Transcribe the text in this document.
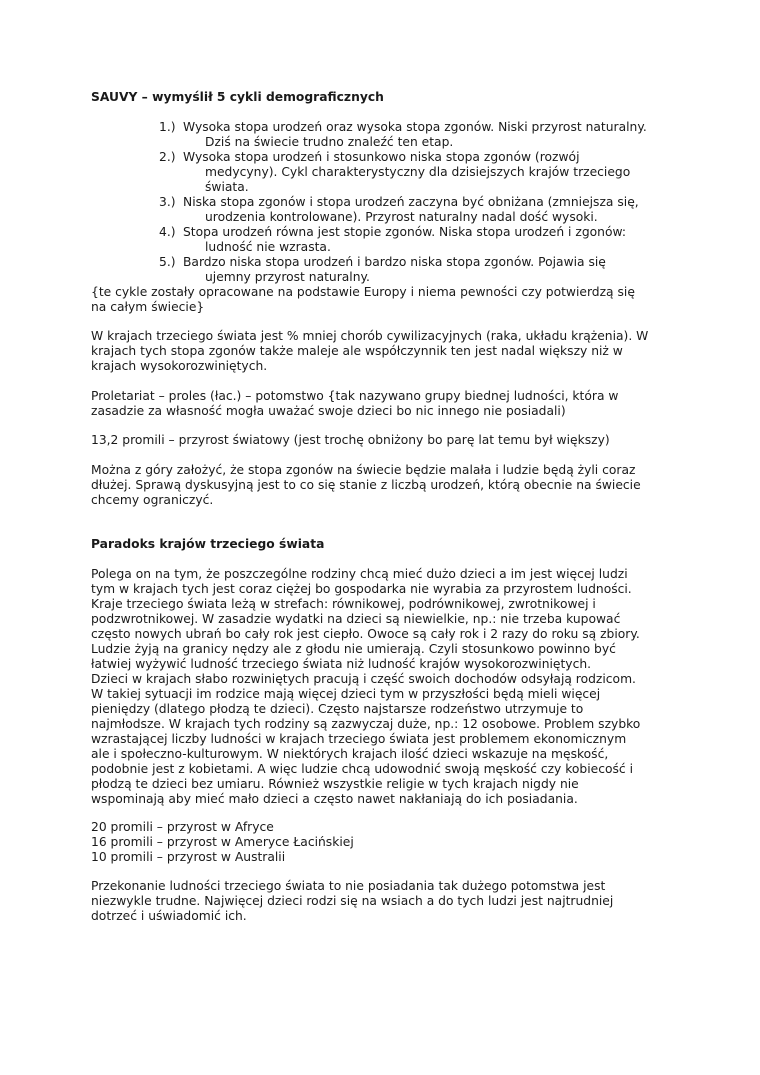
SAUVY – wymyślił 5 cykli demograficznych
1.) Wysoka stopa urodzeń oraz wysoka stopa zgonów. Niski przyrost naturalny.
Dziś na świecie trudno znaleźć ten etap.
2.) Wysoka stopa urodzeń i stosunkowo niska stopa zgonów (rozwój
medycyny). Cykl charakterystyczny dla dzisiejszych krajów trzeciego
świata.
3.) Niska stopa zgonów i stopa urodzeń zaczyna być obniżana (zmniejsza się,
urodzenia kontrolowane). Przyrost naturalny nadal dość wysoki.
4.) Stopa urodzeń równa jest stopie zgonów. Niska stopa urodzeń i zgonów:
ludność nie wzrasta.
5.) Bardzo niska stopa urodzeń i bardzo niska stopa zgonów. Pojawia się
ujemny przyrost naturalny.

{te cykle zostały opracowane na podstawie Europy i niema pewności czy potwierdzą się
na całym świecie}

W krajach trzeciego świata jest % mniej chorób cywilizacyjnych (raka, układu krążenia). W
krajach tych stopa zgonów także maleje ale współczynnik ten jest nadal większy niż w
krajach wysokorozwiniętych.

Proletariat – proles (łac.) – potomstwo {tak nazywano grupy biednej ludności, która w
zasadzie za własność mogła uważać swoje dzieci bo nic innego nie posiadali)

13,2 promili – przyrost światowy (jest trochę obniżony bo parę lat temu był większy)

Można z góry założyć, że stopa zgonów na świecie będzie malała i ludzie będą żyli coraz
dłużej. Sprawą dyskusyjną jest to co się stanie z liczbą urodzeń, którą obecnie na świecie
chcemy ograniczyć.

Paradoks krajów trzeciego świata

Polega on na tym, że poszczególne rodziny chcą mieć dużo dzieci a im jest więcej ludzi
tym w krajach tych jest coraz ciężej bo gospodarka nie wyrabia za przyrostem ludności.
Kraje trzeciego świata leżą w strefach: równikowej, podrównikowej, zwrotnikowej i
podzwrotnikowej. W zasadzie wydatki na dzieci są niewielkie, np.: nie trzeba kupować
często nowych ubrań bo cały rok jest ciepło. Owoce są cały rok i 2 razy do roku są zbiory.
Ludzie żyją na granicy nędzy ale z głodu nie umierają. Czyli stosunkowo powinno być
łatwiej wyżywić ludność trzeciego świata niż ludność krajów wysokorozwiniętych.
Dzieci w krajach słabo rozwiniętych pracują i część swoich dochodów odsyłają rodzicom.
W takiej sytuacji im rodzice mają więcej dzieci tym w przyszłości będą mieli więcej
pieniędzy (dlatego płodzą te dzieci). Często najstarsze rodzeństwo utrzymuje to
najmłodsze. W krajach tych rodziny są zazwyczaj duże, np.: 12 osobowe. Problem szybko
wzrastającej liczby ludności w krajach trzeciego świata jest problemem ekonomicznym
ale i społeczno-kulturowym. W niektórych krajach ilość dzieci wskazuje na męskość,
podobnie jest z kobietami. A więc ludzie chcą udowodnić swoją męskość czy kobiecość i
płodzą te dzieci bez umiaru. Również wszystkie religie w tych krajach nigdy nie
wspominają aby mieć mało dzieci a często nawet nakłaniają do ich posiadania.

20 promili – przyrost w Afryce
16 promili – przyrost w Ameryce Łacińskiej
10 promili – przyrost w Australii

Przekonanie ludności trzeciego świata to nie posiadania tak dużego potomstwa jest
niezwykle trudne. Najwięcej dzieci rodzi się na wsiach a do tych ludzi jest najtrudniej
dotrzeć i uświadomić ich.
